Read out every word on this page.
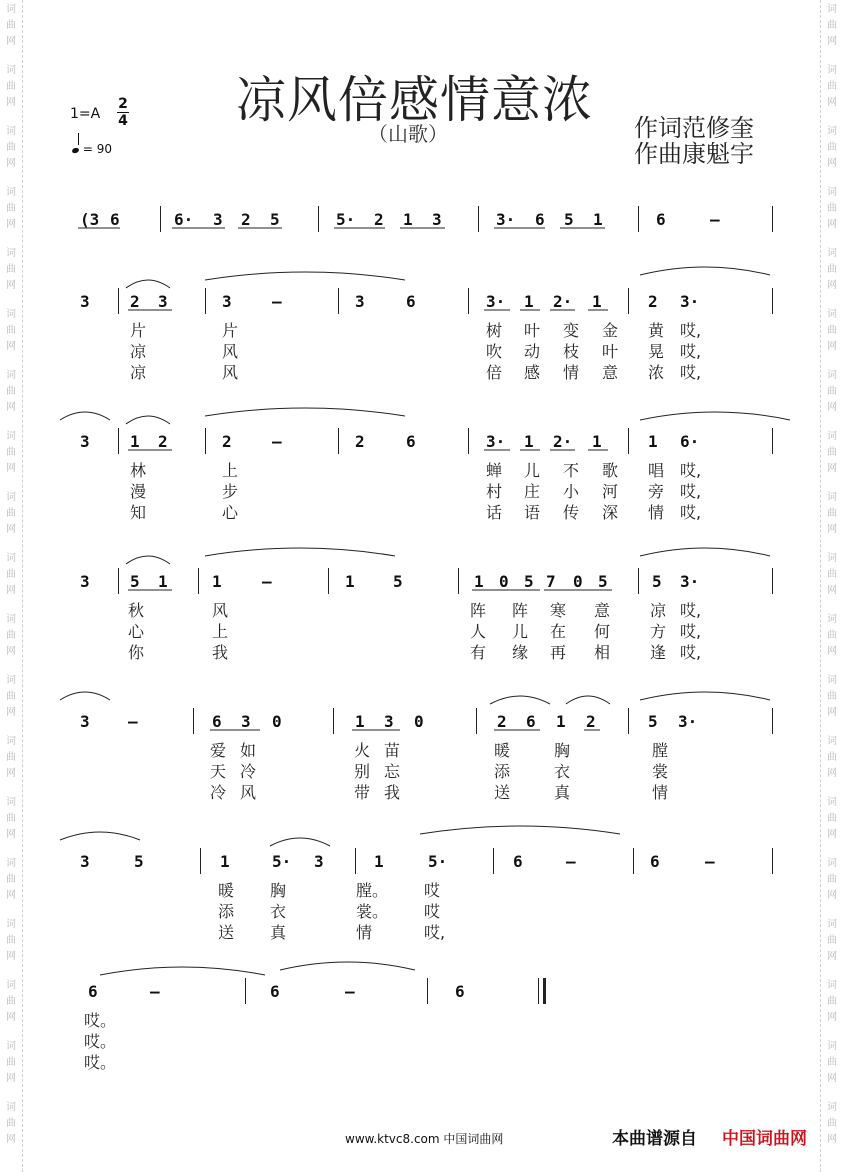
词	词
曲	曲
网	网
词	词
曲	曲
网	网
词	词
曲	曲
网	网
词	词
曲	曲
网	网
词	词
曲	曲
网	网
词	词
曲	曲
网	网
词	词
曲	曲
网	网
词	词
曲	曲
网	网
词	词
曲	曲
网	网
词	词
曲	曲
网	网
词	词
曲	曲
网	网
词	词
曲	曲
网	网
词	词
曲	曲
网	网
词	词
曲	曲
网	网
词	词
曲	曲
网	网
词	词
曲	曲
网	网
词	词
曲	曲
网	网
词	词
曲	曲
网	网
词	词
曲	曲
网	网
凉风倍感情意浓
（山歌）	作词范修奎
作曲康魁宇
1=A
2
4

= 90
(3 6	6· 3 2 5	5· 2 1 3	3· 6 5 1	6	–
3	2 3	3	–	3	6	3· 1 2· 1	2 3·
片	片	树 叶 变 金 黄 哎,
凉	风	吹 动 枝 叶 晃 哎,
凉	风	倍 感 情 意 浓 哎,
3	1 2	2	–	2	6	3· 1 2· 1	1 6·
林	上	蝉 儿 不 歌 唱 哎,
漫	步	村 庄 小 河 旁 哎,
知	心	话 语 传 深 情 哎,
3	5 1	1	–	1 5	1 0 5 7 0 5	5 3·
秋	风	阵 阵 寒 意 凉 哎,
心	上	人 儿 在 何 方 哎,
你	我	有 缘 再 相 逢 哎,
3 –	6 3 0	1 3 0	2 6 1 2	5 3·
爱 如	火 苗	暖	胸	膛
天 冷	别 忘	添	衣	裳
冷 风	带 我	送	真	情
3	5	1	5· 3	1	5·	6	–	6	–
暖 胸	膛。 哎
添 衣	裳。 哎
送 真	情	哎,
6	–	6	–	6
哎。
哎。
哎。
www.ktvc8.com 中国词曲网	本曲谱源自 中国词曲网
